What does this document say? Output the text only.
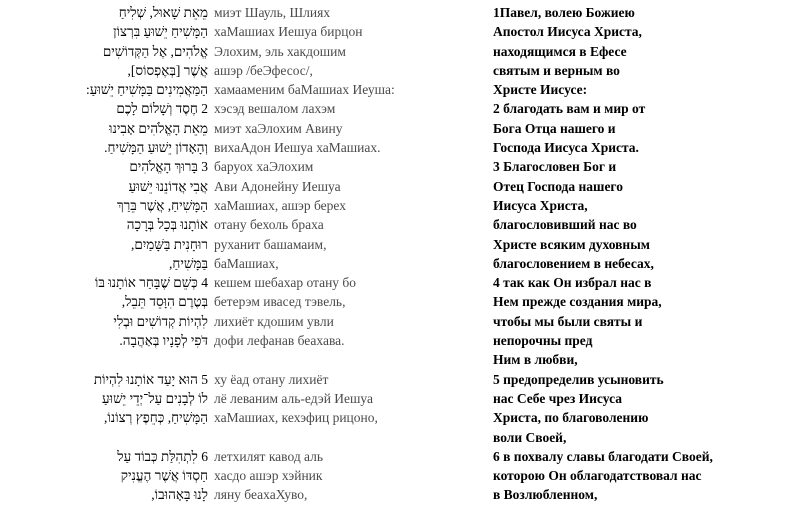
מֵאֵת שָׁאוּל, שְׁלִיחַ
הַמָּשִׁיחַ יֵשׁוּעַ בִּרְצוֹן
אֱלֹהִים, אֶל הַקְּדוֹשִׁים
אֲשֶׁר [בְּאֶפְסוֹס],
הַמַּאֲמִינִים בַּמָּשִׁיחַ יֵשׁוּעַ:
2 חֶסֶד וְשָׁלוֹם לָכֶם
מֵאֵת הָאֱלֹהִים אָבִינוּ
וְהָאָדוֹן יֵשׁוּעַ הַמָּשִׁיחַ.
3 בָּרוּךְ הָאֱלֹהִים
אֲבִי אֲדוֹנֵנוּ יֵשׁוּעַ
הַמָּשִׁיחַ, אֲשֶׁר בֵּרַךְ
אוֹתָנוּ בְּכָל בְּרָכָה
רוּחָנִית בַּשָּׁמַיִם,
בַּמָּשִׁיחַ,
4 כְּשֵׁם שֶׁבָּחַר אוֹתָנוּ בּוֹ
בְּטֶרֶם הִוָּסֵד תֵּבֵל,
לִהְיוֹת קְדוֹשִׁים וּבְלִי
דֹּפִי לְפָנָיו בְּאַהֲבָה.
5 הוּא יָעַד אוֹתָנוּ לִהְיוֹת
לוֹ לְבָנִים עַל־יְדֵי יֵשׁוּעַ
הַמָּשִׁיחַ, כְּחֵפֶץ רְצוֹנוֹ,
6 לִתְהִלַּת כְּבוֹד עַל
חַסְדּוֹ אֲשֶׁר הֶעֱנִיק
לָנוּ בָּאָהוּבוֹ,
миэт Шауль, Шлиях
хаМашиах Иешуа бирцон
Элохим, эль хакдошим
ашэр /беЭфесос/,
хамааменим баМашиах Иеуша:
хэсэд вешалом лахэм
миэт хаЭлохим Авину
вихаАдон Иешуа хаМашиах.
баруох хаЭлохим
Ави Адонейну Иешуа
хаМашиах, ашэр берех
отану бехоль браха
руханит башамаим,
баМашиах,
кешем шебахар отану бо
бетерэм ивасед тэвель,
лихиёт кдошим увли
дофи лефанав беахава.
ху ёад отану лихиёт
лё леваним аль-едэй Иешуа
хаМашиах, кехэфиц рицоно,
летхилят кавод аль
хасдо ашэр хэйник
ляну беахаХуво,
1Павел, волею Божиею
Апостол Иисуса Христа,
находящимся в Ефесе
святым и верным во
Христе Иисусе:
2 благодать вам и мир от
Бога Отца нашего и
Господа Иисуса Христа.
3 Благословен Бог и
Отец Господа нашего
Иисуса Христа,
благословивший нас во
Христе всяким духовным
благословением в небесах,
4 так как Он избрал нас в
Нем прежде создания мира,
чтобы мы были святы и
непорочны пред
Ним в любви,
5 предопределив усыновить
нас Себе чрез Иисуса
Христа, по благоволению
воли Своей,
6 в похвалу славы благодати Своей,
которою Он облагодатствовал нас
в Возлюбленном,
